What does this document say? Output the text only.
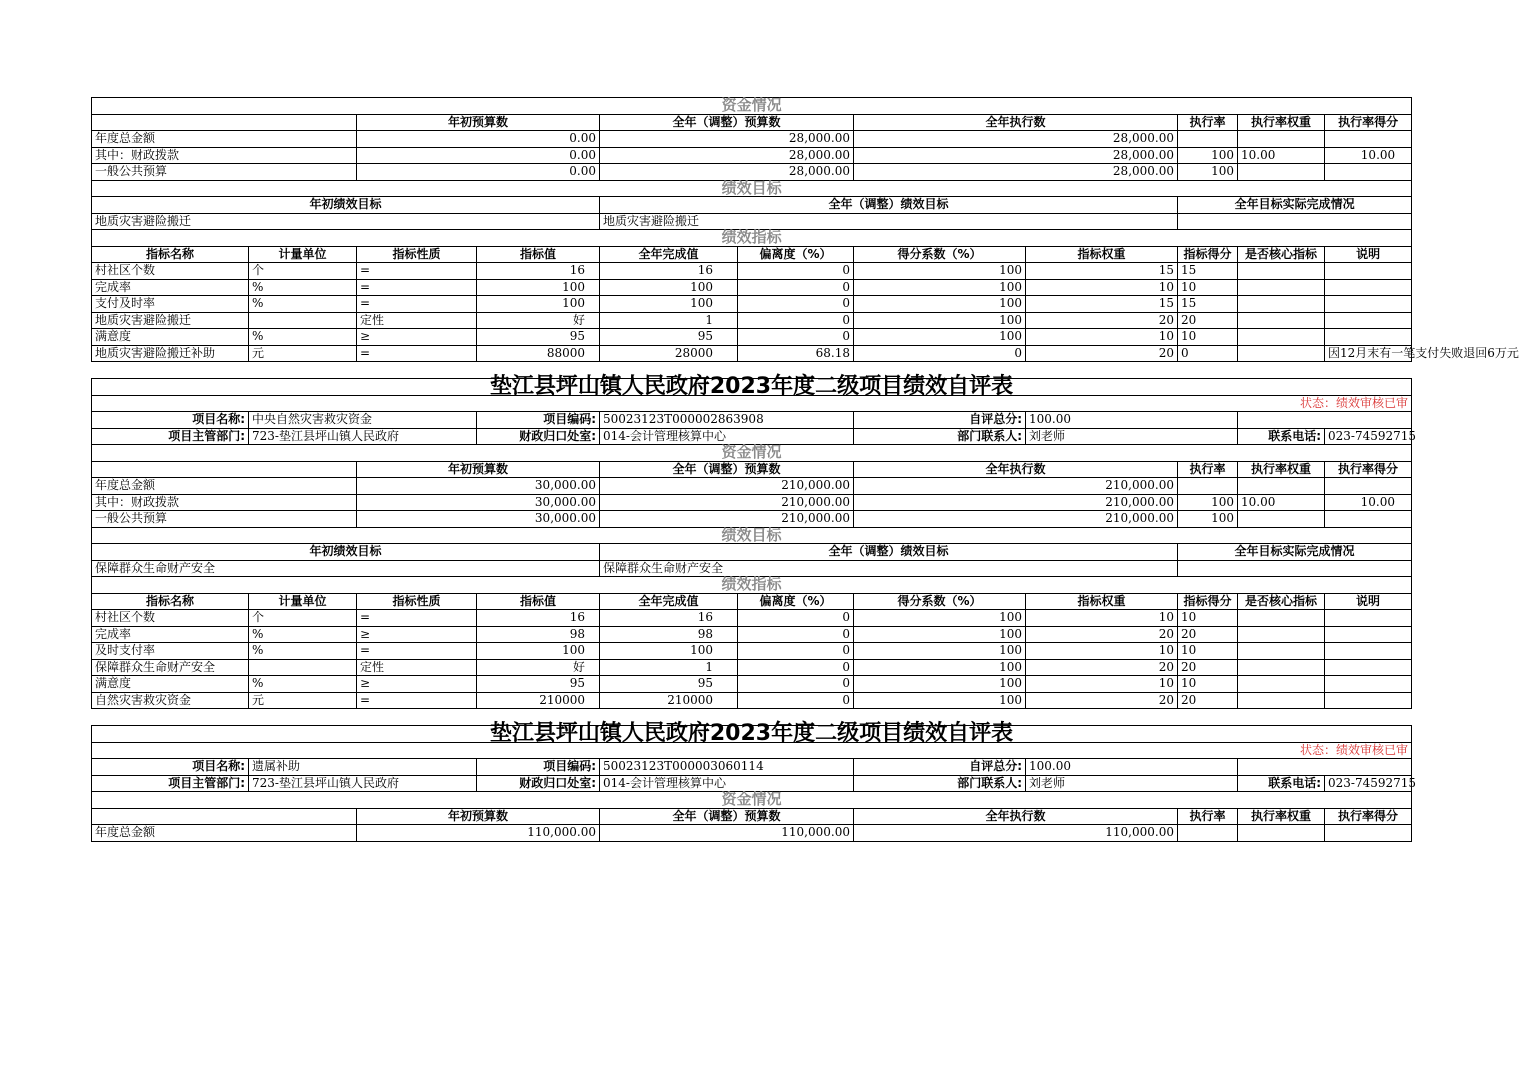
资金情况										
		年初预算数		全年（调整）预算数		全年执行数		执行率	执行率权重	执行率得分
年度总金额		0.00		28,000.00		28,000.00				
其中：财政拨款		0.00		28,000.00		28,000.00		100	10.00	10.00
一般公共预算		0.00		28,000.00		28,000.00		100		
绩效目标										
年初绩效目标				全年（调整）绩效目标				全年目标实际完成情况		
地质灾害避险搬迁				地质灾害避险搬迁						
绩效指标										
指标名称	计量单位	指标性质	指标值	全年完成值	偏离度（%）	得分系数（%）	指标权重	指标得分	是否核心指标	说明
村社区个数	个	=	16	16	0	100	15	15		
完成率	%	=	100	100	0	100	10	10		
支付及时率	%	=	100	100	0	100	15	15		
地质灾害避险搬迁		定性	好	1	0	100	20	20		
满意度	%	≥	95	95	0	100	10	10		
地质灾害避险搬迁补助	元	=	88000	28000	68.18	0	20	0		因12月末有一笔支付失败退回6万元
垫江县坪山镇人民政府2023年度二级项目绩效自评表										
状态：绩效审核已审										
项目名称:	中央自然灾害救灾资金		项目编码:	50023123T000002863908		自评总分:	100.00			
项目主管部门:	723-垫江县坪山镇人民政府		财政归口处室:	014-会计管理核算中心		部门联系人:	刘老师		联系电话:	023-74592715
资金情况										
		年初预算数		全年（调整）预算数		全年执行数		执行率	执行率权重	执行率得分
年度总金额		30,000.00		210,000.00		210,000.00				
其中：财政拨款		30,000.00		210,000.00		210,000.00		100	10.00	10.00
一般公共预算		30,000.00		210,000.00		210,000.00		100		
绩效目标										
年初绩效目标				全年（调整）绩效目标				全年目标实际完成情况		
保障群众生命财产安全				保障群众生命财产安全						
绩效指标										
指标名称	计量单位	指标性质	指标值	全年完成值	偏离度（%）	得分系数（%）	指标权重	指标得分	是否核心指标	说明
村社区个数	个	=	16	16	0	100	10	10		
完成率	%	≥	98	98	0	100	20	20		
及时支付率	%	=	100	100	0	100	10	10		
保障群众生命财产安全		定性	好	1	0	100	20	20		
满意度	%	≥	95	95	0	100	10	10		
自然灾害救灾资金	元	=	210000	210000	0	100	20	20		
垫江县坪山镇人民政府2023年度二级项目绩效自评表									
状态：绩效审核已审									
项目名称:	遗属补助		项目编码:	50023123T000003060114	自评总分:	100.00			
项目主管部门:	723-垫江县坪山镇人民政府		财政归口处室:	014-会计管理核算中心	部门联系人:	刘老师		联系电话:	023-74592715
资金情况									
		年初预算数		全年（调整）预算数	全年执行数		执行率	执行率权重	执行率得分
年度总金额		110,000.00		110,000.00	110,000.00				
